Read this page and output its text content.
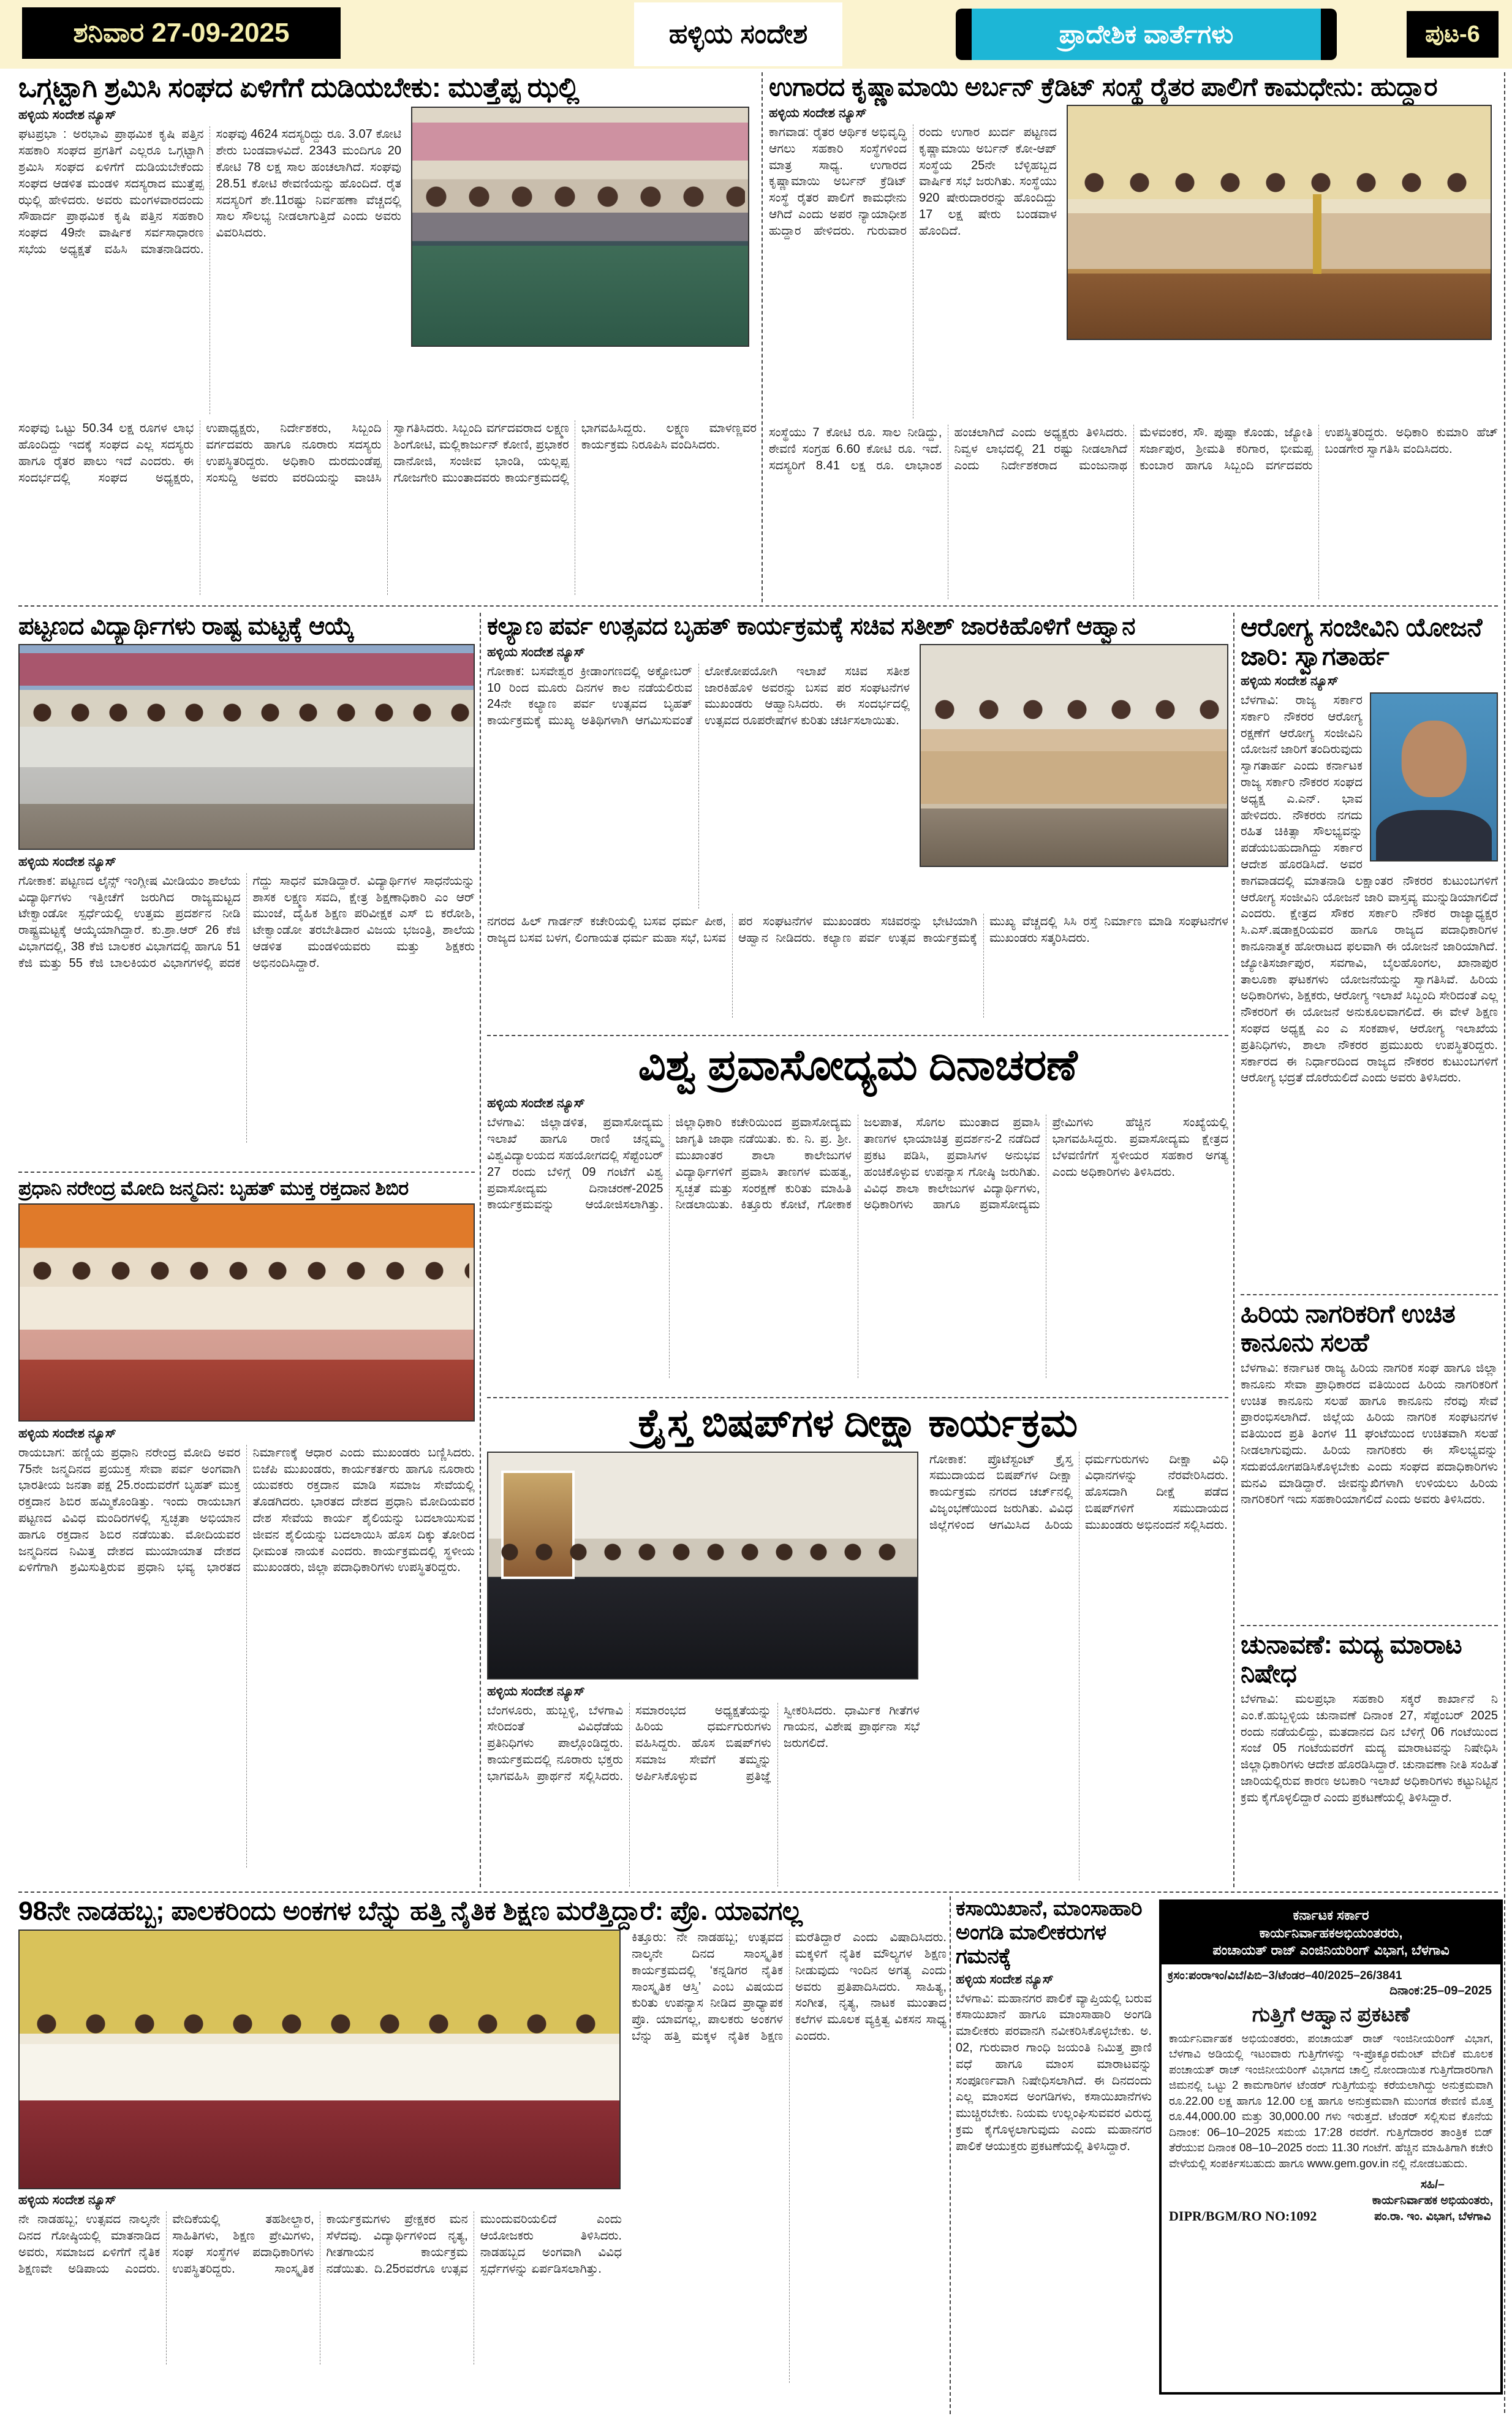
ಶನಿವಾರ 27-09-2025	ಹಳ್ಳಿಯ ಸಂದೇಶ	ಪ್ರಾದೇಶಿಕ ವಾರ್ತೆಗಳು	ಪುಟ-6
ಒಗ್ಗಟ್ಟಾಗಿ ಶ್ರಮಿಸಿ ಸಂಘದ ಏಳಿಗೆಗೆ ದುಡಿಯಬೇಕು: ಮುತ್ತೆಪ್ಪ ಝಲ್ಲಿ
ಹಳ್ಳಿಯ ಸಂದೇಶ ನ್ಯೂಸ್
ಘಟಪ್ರಭಾ : ಅರಭಾವಿ ಪ್ರಾಥಮಿಕ ಕೃಷಿ ಪತ್ತಿನ ಸಹಕಾರಿ ಸಂಘದ ಪ್ರಗತಿಗೆ ಎಲ್ಲರೂ ಒಗ್ಗಟ್ಟಾಗಿ ಶ್ರಮಿಸಿ ಸಂಘದ ಏಳಿಗೆಗೆ ದುಡಿಯಬೇಕೆಂದು ಸಂಘದ ಆಡಳಿತ ಮಂಡಳಿ ಸದಸ್ಯರಾದ ಮುತ್ತೆಪ್ಪ ಝಲ್ಲಿ ಹೇಳಿದರು. ಅವರು ಮಂಗಳವಾರದಂದು ಸೌಹಾರ್ದ ಪ್ರಾಥಮಿಕ ಕೃಷಿ ಪತ್ತಿನ ಸಹಕಾರಿ ಸಂಘದ 49ನೇ ವಾರ್ಷಿಕ ಸರ್ವಸಾಧಾರಣ ಸಭೆಯ ಅಧ್ಯಕ್ಷತೆ ವಹಿಸಿ ಮಾತನಾಡಿದರು. ಸಂಘವು 4624 ಸದಸ್ಯರಿದ್ದು ರೂ. 3.07 ಕೋಟಿ ಶೇರು ಬಂಡವಾಳವಿದೆ. 2343 ಮಂದಿಗೂ 20 ಕೋಟಿ 78 ಲಕ್ಷ ಸಾಲ ಹಂಚಲಾಗಿದೆ. ಸಂಘವು 28.51 ಕೋಟಿ ಠೇವಣಿಯನ್ನು ಹೊಂದಿದೆ. ರೈತ ಸದಸ್ಯರಿಗೆ ಶೇ.11ರಷ್ಟು ನಿರ್ವಹಣಾ ವೆಚ್ಚದಲ್ಲಿ ಸಾಲ ಸೌಲಭ್ಯ ನೀಡಲಾಗುತ್ತಿದೆ ಎಂದು ಅವರು ವಿವರಿಸಿದರು.
ಸಂಘವು ಒಟ್ಟು 50.34 ಲಕ್ಷ ರೂಗಳ ಲಾಭ ಹೊಂದಿದ್ದು ಇದಕ್ಕೆ ಸಂಘದ ಎಲ್ಲ ಸದಸ್ಯರು ಹಾಗೂ ರೈತರ ಪಾಲು ಇದೆ ಎಂದರು. ಈ ಸಂದರ್ಭದಲ್ಲಿ ಸಂಘದ ಅಧ್ಯಕ್ಷರು, ಉಪಾಧ್ಯಕ್ಷರು, ನಿರ್ದೇಶಕರು, ಸಿಬ್ಬಂದಿ ವರ್ಗದವರು ಹಾಗೂ ನೂರಾರು ಸದಸ್ಯರು ಉಪಸ್ಥಿತರಿದ್ದರು. ಅಧಿಕಾರಿ ದುರದುಂಡೆಪ್ಪ ಸಂಸುದ್ದಿ ಅವರು ವರದಿಯನ್ನು ವಾಚಿಸಿ ಸ್ವಾಗತಿಸಿದರು. ಸಿಬ್ಬಂದಿ ವರ್ಗದವರಾದ ಲಕ್ಷ್ಮಣ ಶಿಂಗೋಟಿ, ಮಲ್ಲಿಕಾರ್ಜುನ್ ಕೋಣಿ, ಪ್ರಭಾಕರ ದಾನೋಜಿ, ಸಂಜೀವ ಭಾಂಡಿ, ಯಲ್ಲಪ್ಪ ಗೋಜಗೇರಿ ಮುಂತಾದವರು ಕಾರ್ಯಕ್ರಮದಲ್ಲಿ ಭಾಗವಹಿಸಿದ್ದರು. ಲಕ್ಷ್ಮಣ ಮಾಳಣ್ಣವರ ಕಾರ್ಯಕ್ರಮ ನಿರೂಪಿಸಿ ವಂದಿಸಿದರು.
ಉಗಾರದ ಕೃಷ್ಣಾಮಾಯಿ ಅರ್ಬನ್ ಕ್ರೆಡಿಟ್ ಸಂಸ್ಥೆ ರೈತರ ಪಾಲಿಗೆ ಕಾಮಧೇನು: ಹುದ್ದಾರ
ಹಳ್ಳಿಯ ಸಂದೇಶ ನ್ಯೂಸ್
ಕಾಗವಾಡ: ರೈತರ ಆರ್ಥಿಕ ಅಭಿವೃದ್ಧಿ ಆಗಲು ಸಹಕಾರಿ ಸಂಸ್ಥೆಗಳಿಂದ ಮಾತ್ರ ಸಾಧ್ಯ. ಉಗಾರದ ಕೃಷ್ಣಾಮಾಯಿ ಅರ್ಬನ್ ಕ್ರೆಡಿಟ್ ಸಂಸ್ಥೆ ರೈತರ ಪಾಲಿಗೆ ಕಾಮಧೇನು ಆಗಿದೆ ಎಂದು ಅಪರ ನ್ಯಾಯಾಧೀಶ ಹುದ್ದಾರ ಹೇಳಿದರು. ಗುರುವಾರ ರಂದು ಉಗಾರ ಖುರ್ದ ಪಟ್ಟಣದ ಕೃಷ್ಣಾಮಾಯಿ ಅರ್ಬನ್ ಕೋ-ಆಪ್ ಸಂಸ್ಥೆಯ 25ನೇ ಬೆಳ್ಳಿಹಬ್ಬದ ವಾರ್ಷಿಕ ಸಭೆ ಜರುಗಿತು. ಸಂಸ್ಥೆಯು 920 ಷೇರುದಾರರನ್ನು ಹೊಂದಿದ್ದು 17 ಲಕ್ಷ ಷೇರು ಬಂಡವಾಳ ಹೊಂದಿದೆ.
ಸಂಸ್ಥೆಯು 7 ಕೋಟಿ ರೂ. ಸಾಲ ನೀಡಿದ್ದು, ಠೇವಣಿ ಸಂಗ್ರಹ 6.60 ಕೋಟಿ ರೂ. ಇದೆ. ಸದಸ್ಯರಿಗೆ 8.41 ಲಕ್ಷ ರೂ. ಲಾಭಾಂಶ ಹಂಚಲಾಗಿದೆ ಎಂದು ಅಧ್ಯಕ್ಷರು ತಿಳಿಸಿದರು. ನಿವ್ವಳ ಲಾಭದಲ್ಲಿ 21 ರಷ್ಟು ನೀಡಲಾಗಿದೆ ಎಂದು ನಿರ್ದೇಶಕರಾದ ಮಂಜುನಾಥ ಮೆಳವಂಕರ, ಸೌ. ಪುಷ್ಪಾ ಕೊಂಡು, ಜ್ಯೋತಿ ಸರ್ಜಾಪುರ, ಶ್ರೀಮತಿ ಕರಿಗಾರ, ಭೀಮಪ್ಪ ಕುಂಬಾರ ಹಾಗೂ ಸಿಬ್ಬಂದಿ ವರ್ಗದವರು ಉಪಸ್ಥಿತರಿದ್ದರು. ಅಧಿಕಾರಿ ಕುಮಾರಿ ಹೆಚ್ ಬಂಡಗೇರ ಸ್ವಾಗತಿಸಿ ವಂದಿಸಿದರು.
ಪಟ್ಟಣದ ವಿದ್ಯಾರ್ಥಿಗಳು ರಾಷ್ಟ ಮಟ್ಟಕ್ಕೆ ಆಯ್ಕೆ
ಹಳ್ಳಿಯ ಸಂದೇಶ ನ್ಯೂಸ್
ಗೋಕಾಕ: ಪಟ್ಟಣದ ಲೈನ್ಸ್ ಇಂಗ್ಲೀಷ ಮೀಡಿಯಂ ಶಾಲೆಯ ವಿದ್ಯಾರ್ಥಿಗಳು ಇತ್ತೀಚೆಗೆ ಜರುಗಿದ ರಾಜ್ಯಮಟ್ಟದ ಟೇಕ್ವಾಂಡೋ ಸ್ಪರ್ಧೆಯಲ್ಲಿ ಉತ್ತಮ ಪ್ರದರ್ಶನ ನೀಡಿ ರಾಷ್ಟ್ರಮಟ್ಟಕ್ಕೆ ಆಯ್ಕೆಯಾಗಿದ್ದಾರೆ. ಕು.ಶ್ರಾ.ಆರ್ 26 ಕೆಜಿ ವಿಭಾಗದಲ್ಲಿ, 38 ಕೆಜಿ ಬಾಲಕರ ವಿಭಾಗದಲ್ಲಿ ಹಾಗೂ 51 ಕೆಜಿ ಮತ್ತು 55 ಕೆಜಿ ಬಾಲಕಿಯರ ವಿಭಾಗಗಳಲ್ಲಿ ಪದಕ ಗೆದ್ದು ಸಾಧನೆ ಮಾಡಿದ್ದಾರೆ. ವಿದ್ಯಾರ್ಥಿಗಳ ಸಾಧನೆಯನ್ನು ಶಾಸಕ ಲಕ್ಷ್ಮಣ ಸವದಿ, ಕ್ಷೇತ್ರ ಶಿಕ್ಷಣಾಧಿಕಾರಿ ಎಂ ಆರ್ ಮುಂಜೆ, ದೈಹಿಕ ಶಿಕ್ಷಣ ಪರಿವೀಕ್ಷಕ ಎಸ್ ಬಿ ಕರೋಶಿ, ಟೇಕ್ವಾಂಡೋ ತರಬೇತಿದಾರ ವಿಜಯ ಭಜಂತ್ರಿ, ಶಾಲೆಯ ಆಡಳಿತ ಮಂಡಳಿಯವರು ಮತ್ತು ಶಿಕ್ಷಕರು ಅಭಿನಂದಿಸಿದ್ದಾರೆ.
ಕಲ್ಯಾಣ ಪರ್ವ ಉತ್ಸವದ ಬೃಹತ್ ಕಾರ್ಯಕ್ರಮಕ್ಕೆ ಸಚಿವ ಸತೀಶ್ ಜಾರಕಿಹೊಳಿಗೆ ಆಹ್ವಾನ
ಹಳ್ಳಿಯ ಸಂದೇಶ ನ್ಯೂಸ್
ಗೋಕಾಕ: ಬಸವೇಶ್ವರ ಕ್ರೀಡಾಂಗಣದಲ್ಲಿ ಅಕ್ಟೋಬರ್ 10 ರಿಂದ ಮೂರು ದಿನಗಳ ಕಾಲ ನಡೆಯಲಿರುವ 24ನೇ ಕಲ್ಯಾಣ ಪರ್ವ ಉತ್ಸವದ ಬೃಹತ್ ಕಾರ್ಯಕ್ರಮಕ್ಕೆ ಮುಖ್ಯ ಅತಿಥಿಗಳಾಗಿ ಆಗಮಿಸುವಂತೆ ಲೋಕೋಪಯೋಗಿ ಇಲಾಖೆ ಸಚಿವ ಸತೀಶ ಜಾರಕಿಹೊಳಿ ಅವರನ್ನು ಬಸವ ಪರ ಸಂಘಟನೆಗಳ ಮುಖಂಡರು ಆಹ್ವಾನಿಸಿದರು. ಈ ಸಂದರ್ಭದಲ್ಲಿ ಉತ್ಸವದ ರೂಪರೇಷೆಗಳ ಕುರಿತು ಚರ್ಚಿಸಲಾಯಿತು.
ನಗರದ ಹಿಲ್ ಗಾರ್ಡನ್ ಕಚೇರಿಯಲ್ಲಿ ಬಸವ ಧರ್ಮ ಪೀಠ, ರಾಜ್ಯದ ಬಸವ ಬಳಗ, ಲಿಂಗಾಯತ ಧರ್ಮ ಮಹಾ ಸಭೆ, ಬಸವ ಪರ ಸಂಘಟನೆಗಳ ಮುಖಂಡರು ಸಚಿವರನ್ನು ಭೇಟಿಯಾಗಿ ಆಹ್ವಾನ ನೀಡಿದರು. ಕಲ್ಯಾಣ ಪರ್ವ ಉತ್ಸವ ಕಾರ್ಯಕ್ರಮಕ್ಕೆ ಮುಖ್ಯ ವೆಚ್ಚದಲ್ಲಿ ಸಿಸಿ ರಸ್ತೆ ನಿರ್ಮಾಣ ಮಾಡಿ ಸಂಘಟನೆಗಳ ಮುಖಂಡರು ಸತ್ಕರಿಸಿದರು.
ವಿಶ್ವ ಪ್ರವಾಸೋದ್ಯಮ ದಿನಾಚರಣೆ
ಹಳ್ಳಿಯ ಸಂದೇಶ ನ್ಯೂಸ್
ಬೆಳಗಾವಿ: ಜಿಲ್ಲಾಡಳಿತ, ಪ್ರವಾಸೋದ್ಯಮ ಇಲಾಖೆ ಹಾಗೂ ರಾಣಿ ಚನ್ನಮ್ಮ ವಿಶ್ವವಿದ್ಯಾಲಯದ ಸಹಯೋಗದಲ್ಲಿ ಸೆಪ್ಟೆಂಬರ್ 27 ರಂದು ಬೆಳಿಗ್ಗೆ 09 ಗಂಟೆಗೆ ವಿಶ್ವ ಪ್ರವಾಸೋದ್ಯಮ ದಿನಾಚರಣೆ-2025 ಕಾರ್ಯಕ್ರಮವನ್ನು ಆಯೋಜಿಸಲಾಗಿತ್ತು. ಜಿಲ್ಲಾಧಿಕಾರಿ ಕಚೇರಿಯಿಂದ ಪ್ರವಾಸೋದ್ಯಮ ಜಾಗೃತಿ ಜಾಥಾ ನಡೆಯಿತು. ಕು. ನಿ. ಪ್ರ. ಶ್ರೀ. ಮುಖಾಂತರ ಶಾಲಾ ಕಾಲೇಜುಗಳ ವಿದ್ಯಾರ್ಥಿಗಳಿಗೆ ಪ್ರವಾಸಿ ತಾಣಗಳ ಮಹತ್ವ, ಸ್ವಚ್ಛತೆ ಮತ್ತು ಸಂರಕ್ಷಣೆ ಕುರಿತು ಮಾಹಿತಿ ನೀಡಲಾಯಿತು. ಕಿತ್ತೂರು ಕೋಟೆ, ಗೋಕಾಕ ಜಲಪಾತ, ಸೊಗಲ ಮುಂತಾದ ಪ್ರವಾಸಿ ತಾಣಗಳ ಛಾಯಾಚಿತ್ರ ಪ್ರದರ್ಶನ-2 ನಡೆದಿದೆ ಪ್ರಕಟ ಪಡಿಸಿ, ಪ್ರವಾಸಿಗಳ ಅನುಭವ ಹಂಚಿಕೊಳ್ಳುವ ಉಪನ್ಯಾಸ ಗೋಷ್ಠಿ ಜರುಗಿತು. ವಿವಿಧ ಶಾಲಾ ಕಾಲೇಜುಗಳ ವಿದ್ಯಾರ್ಥಿಗಳು, ಅಧಿಕಾರಿಗಳು ಹಾಗೂ ಪ್ರವಾಸೋದ್ಯಮ ಪ್ರೇಮಿಗಳು ಹೆಚ್ಚಿನ ಸಂಖ್ಯೆಯಲ್ಲಿ ಭಾಗವಹಿಸಿದ್ದರು. ಪ್ರವಾಸೋದ್ಯಮ ಕ್ಷೇತ್ರದ ಬೆಳವಣಿಗೆಗೆ ಸ್ಥಳೀಯರ ಸಹಕಾರ ಅಗತ್ಯ ಎಂದು ಅಧಿಕಾರಿಗಳು ತಿಳಿಸಿದರು.
ಕ್ರೈಸ್ತ ಬಿಷಪ್‌ಗಳ ದೀಕ್ಷಾ ಕಾರ್ಯಕ್ರಮ
ಹಳ್ಳಿಯ ಸಂದೇಶ ನ್ಯೂಸ್
ಬೆಂಗಳೂರು, ಹುಬ್ಬಳ್ಳಿ, ಬೆಳಗಾವಿ ಸೇರಿದಂತೆ ವಿವಿಧೆಡೆಯ ಪ್ರತಿನಿಧಿಗಳು ಪಾಲ್ಗೊಂಡಿದ್ದರು. ಕಾರ್ಯಕ್ರಮದಲ್ಲಿ ನೂರಾರು ಭಕ್ತರು ಭಾಗವಹಿಸಿ ಪ್ರಾರ್ಥನೆ ಸಲ್ಲಿಸಿದರು. ಸಮಾರಂಭದ ಅಧ್ಯಕ್ಷತೆಯನ್ನು ಹಿರಿಯ ಧರ್ಮಗುರುಗಳು ವಹಿಸಿದ್ದರು. ಹೊಸ ಬಿಷಪ್‌ಗಳು ಸಮಾಜ ಸೇವೆಗೆ ತಮ್ಮನ್ನು ಅರ್ಪಿಸಿಕೊಳ್ಳುವ ಪ್ರತಿಜ್ಞೆ ಸ್ವೀಕರಿಸಿದರು. ಧಾರ್ಮಿಕ ಗೀತೆಗಳ ಗಾಯನ, ವಿಶೇಷ ಪ್ರಾರ್ಥನಾ ಸಭೆ ಜರುಗಲಿದೆ.
ಗೋಕಾಕ: ಪ್ರೊಟೆಸ್ಟಂಟ್ ಕ್ರೈಸ್ತ ಸಮುದಾಯದ ಬಿಷಪ್‌ಗಳ ದೀಕ್ಷಾ ಕಾರ್ಯಕ್ರಮ ನಗರದ ಚರ್ಚ್‌ನಲ್ಲಿ ವಿಜೃಂಭಣೆಯಿಂದ ಜರುಗಿತು. ವಿವಿಧ ಜಿಲ್ಲೆಗಳಿಂದ ಆಗಮಿಸಿದ ಹಿರಿಯ ಧರ್ಮಗುರುಗಳು ದೀಕ್ಷಾ ವಿಧಿ ವಿಧಾನಗಳನ್ನು ನೆರವೇರಿಸಿದರು. ಹೊಸದಾಗಿ ದೀಕ್ಷೆ ಪಡೆದ ಬಿಷಪ್‌ಗಳಿಗೆ ಸಮುದಾಯದ ಮುಖಂಡರು ಅಭಿನಂದನೆ ಸಲ್ಲಿಸಿದರು.
ಆರೋಗ್ಯ ಸಂಜೀವಿನಿ ಯೋಜನೆ ಜಾರಿ: ಸ್ವಾಗತಾರ್ಹ
ಹಳ್ಳಿಯ ಸಂದೇಶ ನ್ಯೂಸ್
ಬೆಳಗಾವಿ: ರಾಜ್ಯ ಸರ್ಕಾರ ಸರ್ಕಾರಿ ನೌಕರರ ಆರೋಗ್ಯ ರಕ್ಷಣೆಗೆ ಆರೋಗ್ಯ ಸಂಜೀವಿನಿ ಯೋಜನೆ ಜಾರಿಗೆ ತಂದಿರುವುದು ಸ್ವಾಗತಾರ್ಹ ಎಂದು ಕರ್ನಾಟಕ ರಾಜ್ಯ ಸರ್ಕಾರಿ ನೌಕರರ ಸಂಘದ ಅಧ್ಯಕ್ಷ ಎ.ಎನ್. ಭಾವ ಹೇಳಿದರು. ನೌಕರರು ನಗದು ರಹಿತ ಚಿಕಿತ್ಸಾ ಸೌಲಭ್ಯವನ್ನು ಪಡೆಯಬಹುದಾಗಿದ್ದು ಸರ್ಕಾರ ಆದೇಶ ಹೊರಡಿಸಿದೆ. ಅವರ ಕಾಗವಾಡದಲ್ಲಿ ಮಾತನಾಡಿ ಲಕ್ಷಾಂತರ ನೌಕರರ ಕುಟುಂಬಗಳಿಗೆ ಆರೋಗ್ಯ ಸಂಜೀವಿನಿ ಯೋಜನೆ ಜಾರಿ ವಾಸ್ತವ್ಯ ಮುನ್ನುಡಿಯಾಗಲಿದೆ ಎಂದರು. ಕ್ಷೇತ್ರದ ಸೌಕರ ಸರ್ಕಾರಿ ನೌಕರ ರಾಜ್ಯಾಧ್ಯಕ್ಷರ ಸಿ.ಎಸ್.ಷಡಾಕ್ಷರಿಯವರ ಹಾಗೂ ರಾಜ್ಯದ ಪದಾಧಿಕಾರಿಗಳ ಕಾನೂನಾತ್ಮಕ ಹೋರಾಟದ ಫಲವಾಗಿ ಈ ಯೋಜನೆ ಜಾರಿಯಾಗಿದೆ. ಜ್ಯೋತಿಸರ್ಜಾಪುರ, ಸವಗಾವಿ, ಬೈಲಹೊಂಗಲ, ಖಾನಾಪುರ ತಾಲೂಕಾ ಘಟಕಗಳು ಯೋಜನೆಯನ್ನು ಸ್ವಾಗತಿಸಿವೆ. ಹಿರಿಯ ಅಧಿಕಾರಿಗಳು, ಶಿಕ್ಷಕರು, ಆರೋಗ್ಯ ಇಲಾಖೆ ಸಿಬ್ಬಂದಿ ಸೇರಿದಂತೆ ಎಲ್ಲ ನೌಕರರಿಗೆ ಈ ಯೋಜನೆ ಅನುಕೂಲವಾಗಲಿದೆ. ಈ ವೇಳೆ ಶಿಕ್ಷಣ ಸಂಘದ ಅಧ್ಯಕ್ಷ ಎಂ ಎ ಸಂಕಪಾಳ, ಆರೋಗ್ಯ ಇಲಾಖೆಯ ಪ್ರತಿನಿಧಿಗಳು, ಶಾಲಾ ನೌಕರರ ಪ್ರಮುಖರು ಉಪಸ್ಥಿತರಿದ್ದರು. ಸರ್ಕಾರದ ಈ ನಿರ್ಧಾರದಿಂದ ರಾಜ್ಯದ ನೌಕರರ ಕುಟುಂಬಗಳಿಗೆ ಆರೋಗ್ಯ ಭದ್ರತೆ ದೊರೆಯಲಿದೆ ಎಂದು ಅವರು ತಿಳಿಸಿದರು.
ಹಿರಿಯ ನಾಗರಿಕರಿಗೆ ಉಚಿತ ಕಾನೂನು ಸಲಹೆ
ಬೆಳಗಾವಿ: ಕರ್ನಾಟಕ ರಾಜ್ಯ ಹಿರಿಯ ನಾಗರಿಕ ಸಂಘ ಹಾಗೂ ಜಿಲ್ಲಾ ಕಾನೂನು ಸೇವಾ ಪ್ರಾಧಿಕಾರದ ವತಿಯಿಂದ ಹಿರಿಯ ನಾಗರಿಕರಿಗೆ ಉಚಿತ ಕಾನೂನು ಸಲಹೆ ಹಾಗೂ ಕಾನೂನು ನೆರವು ಸೇವೆ ಪ್ರಾರಂಭಿಸಲಾಗಿದೆ. ಜಿಲ್ಲೆಯ ಹಿರಿಯ ನಾಗರಿಕ ಸಂಘಟನಗಳ ವತಿಯಿಂದ ಪ್ರತಿ ತಿಂಗಳ 11 ಘಂಟೆಯಿಂದ ಉಚಿತವಾಗಿ ಸಲಹೆ ನೀಡಲಾಗುವುದು. ಹಿರಿಯ ನಾಗರಿಕರು ಈ ಸೌಲಭ್ಯವನ್ನು ಸದುಪಯೋಗಪಡಿಸಿಕೊಳ್ಳಬೇಕು ಎಂದು ಸಂಘದ ಪದಾಧಿಕಾರಿಗಳು ಮನವಿ ಮಾಡಿದ್ದಾರೆ. ಜೀವನ್ಮುಖಿಗಳಾಗಿ ಉಳಿಯಲು ಹಿರಿಯ ನಾಗರಿಕರಿಗೆ ಇದು ಸಹಕಾರಿಯಾಗಲಿದೆ ಎಂದು ಅವರು ತಿಳಿಸಿದರು.
ಚುನಾವಣೆ: ಮದ್ಯ ಮಾರಾಟ ನಿಷೇಧ
ಬೆಳಗಾವಿ: ಮಲಪ್ರಭಾ ಸಹಕಾರಿ ಸಕ್ಕರೆ ಕಾರ್ಖಾನೆ ನಿ ಎಂ.ಕೆ.ಹುಬ್ಬಳ್ಳಿಯ ಚುನಾವಣೆ ದಿನಾಂಕ 27, ಸೆಪ್ಟೆಂಬರ್ 2025 ರಂದು ನಡೆಯಲಿದ್ದು, ಮತದಾನದ ದಿನ ಬೆಳಿಗ್ಗೆ 06 ಗಂಟೆಯಿಂದ ಸಂಜೆ 05 ಗಂಟೆಯವರೆಗೆ ಮದ್ಯ ಮಾರಾಟವನ್ನು ನಿಷೇಧಿಸಿ ಜಿಲ್ಲಾಧಿಕಾರಿಗಳು ಆದೇಶ ಹೊರಡಿಸಿದ್ದಾರೆ. ಚುನಾವಣಾ ನೀತಿ ಸಂಹಿತೆ ಜಾರಿಯಲ್ಲಿರುವ ಕಾರಣ ಅಬಕಾರಿ ಇಲಾಖೆ ಅಧಿಕಾರಿಗಳು ಕಟ್ಟುನಿಟ್ಟಿನ ಕ್ರಮ ಕೈಗೊಳ್ಳಲಿದ್ದಾರೆ ಎಂದು ಪ್ರಕಟಣೆಯಲ್ಲಿ ತಿಳಿಸಿದ್ದಾರೆ.
98ನೇ ನಾಡಹಬ್ಬ; ಪಾಲಕರಿಂದು ಅಂಕಗಳ ಬೆನ್ನು ಹತ್ತಿ ನೈತಿಕ ಶಿಕ್ಷಣ ಮರೆತ್ತಿದ್ದಾರೆ: ಪ್ರೊ. ಯಾವಗಲ್ಲ
ಹಳ್ಳಿಯ ಸಂದೇಶ ನ್ಯೂಸ್
ನೇ ನಾಡಹಬ್ಬ; ಉತ್ಸವದ ನಾಲ್ಕನೇ ದಿನದ ಗೋಷ್ಠಿಯಲ್ಲಿ ಮಾತನಾಡಿದ ಅವರು, ಸಮಾಜದ ಏಳಿಗೆಗೆ ನೈತಿಕ ಶಿಕ್ಷಣವೇ ಅಡಿಪಾಯ ಎಂದರು. ವೇದಿಕೆಯಲ್ಲಿ ತಹಶೀಲ್ದಾರ, ಸಾಹಿತಿಗಳು, ಶಿಕ್ಷಣ ಪ್ರೇಮಿಗಳು, ಸಂಘ ಸಂಸ್ಥೆಗಳ ಪದಾಧಿಕಾರಿಗಳು ಉಪಸ್ಥಿತರಿದ್ದರು. ಸಾಂಸ್ಕೃತಿಕ ಕಾರ್ಯಕ್ರಮಗಳು ಪ್ರೇಕ್ಷಕರ ಮನ ಸೆಳೆದವು. ವಿದ್ಯಾರ್ಥಿಗಳಿಂದ ನೃತ್ಯ, ಗೀತಗಾಯನ ಕಾರ್ಯಕ್ರಮ ನಡೆಯಿತು. ದಿ.25ರವರೆಗೂ ಉತ್ಸವ ಮುಂದುವರಿಯಲಿದೆ ಎಂದು ಆಯೋಜಕರು ತಿಳಿಸಿದರು. ನಾಡಹಬ್ಬದ ಅಂಗವಾಗಿ ವಿವಿಧ ಸ್ಪರ್ಧೆಗಳನ್ನು ಏರ್ಪಡಿಸಲಾಗಿತ್ತು.
ಕಿತ್ತೂರು: ನೇ ನಾಡಹಬ್ಬ; ಉತ್ಸವದ ನಾಲ್ಕನೇ ದಿನದ ಸಾಂಸ್ಕೃತಿಕ ಕಾರ್ಯಕ್ರಮದಲ್ಲಿ ‘ಕನ್ನಡಿಗರ ನೈತಿಕ ಸಾಂಸ್ಕೃತಿಕ ಆಸ್ತಿ’ ಎಂಬ ವಿಷಯದ ಕುರಿತು ಉಪನ್ಯಾಸ ನೀಡಿದ ಪ್ರಾಧ್ಯಾಪಕ ಪ್ರೊ. ಯಾವಗಲ್ಲ, ಪಾಲಕರು ಅಂಕಗಳ ಬೆನ್ನು ಹತ್ತಿ ಮಕ್ಕಳ ನೈತಿಕ ಶಿಕ್ಷಣ ಮರೆತಿದ್ದಾರೆ ಎಂದು ವಿಷಾದಿಸಿದರು. ಮಕ್ಕಳಿಗೆ ನೈತಿಕ ಮೌಲ್ಯಗಳ ಶಿಕ್ಷಣ ನೀಡುವುದು ಇಂದಿನ ಅಗತ್ಯ ಎಂದು ಅವರು ಪ್ರತಿಪಾದಿಸಿದರು. ಸಾಹಿತ್ಯ, ಸಂಗೀತ, ನೃತ್ಯ, ನಾಟಕ ಮುಂತಾದ ಕಲೆಗಳ ಮೂಲಕ ವ್ಯಕ್ತಿತ್ವ ವಿಕಸನ ಸಾಧ್ಯ ಎಂದರು.
ಕಸಾಯಿಖಾನೆ, ಮಾಂಸಾಹಾರಿ ಅಂಗಡಿ ಮಾಲೀಕರುಗಳ ಗಮನಕ್ಕೆ
ಹಳ್ಳಿಯ ಸಂದೇಶ ನ್ಯೂಸ್
ಬೆಳಗಾವಿ: ಮಹಾನಗರ ಪಾಲಿಕೆ ವ್ಯಾಪ್ತಿಯಲ್ಲಿ ಬರುವ ಕಸಾಯಿಖಾನೆ ಹಾಗೂ ಮಾಂಸಾಹಾರಿ ಅಂಗಡಿ ಮಾಲೀಕರು ಪರವಾನಗಿ ನವೀಕರಿಸಿಕೊಳ್ಳಬೇಕು. ಅ. 02, ಗುರುವಾರ ಗಾಂಧಿ ಜಯಂತಿ ನಿಮಿತ್ತ ಪ್ರಾಣಿ ವಧೆ ಹಾಗೂ ಮಾಂಸ ಮಾರಾಟವನ್ನು ಸಂಪೂರ್ಣವಾಗಿ ನಿಷೇಧಿಸಲಾಗಿದೆ. ಈ ದಿನದಂದು ಎಲ್ಲ ಮಾಂಸದ ಅಂಗಡಿಗಳು, ಕಸಾಯಿಖಾನೆಗಳು ಮುಚ್ಚಿರಬೇಕು. ನಿಯಮ ಉಲ್ಲಂಘಿಸುವವರ ವಿರುದ್ಧ ಕ್ರಮ ಕೈಗೊಳ್ಳಲಾಗುವುದು ಎಂದು ಮಹಾನಗರ ಪಾಲಿಕೆ ಆಯುಕ್ತರು ಪ್ರಕಟಣೆಯಲ್ಲಿ ತಿಳಿಸಿದ್ದಾರೆ.
ಕರ್ನಾಟಕ ಸರ್ಕಾರ
ಕಾರ್ಯನಿರ್ವಾಹಕಅಭಿಯಂತರರು,
ಪಂಚಾಯತ್ ರಾಜ್ ಎಂಜಿನಿಯರಿಂಗ್ ವಿಭಾಗ, ಬೆಳಗಾವಿ
ಕ್ರಸಂ:ಪಂರಾಇಂ/ವಿಬೆ/ಪಿಬಿ–3/ಟೆಂಡರ–40/2025–26/3841
ದಿನಾಂಕ:25–09–2025
ಗುತ್ತಿಗೆ ಆಹ್ವಾನ ಪ್ರಕಟಣೆ
ಕಾರ್ಯನಿರ್ವಾಹಕ ಅಭಿಯಂತರರು, ಪಂಚಾಯತ್ ರಾಜ್ ಇಂಜಿನೀಯರಿಂಗ್ ವಿಭಾಗ, ಬೆಳಗಾವಿ ಅಡಿಯಲ್ಲಿ ಇಟಂವಾರು ಗುತ್ತಿಗೆಗಳನ್ನು ಇ-ಪ್ರೊಕ್ಯೂರಮೆಂಟ್ ವೇದಿಕೆ ಮೂಲಕ ಪಂಚಾಯತ್ ರಾಜ್ ಇಂಜಿನೀಯರಿಂಗ್ ವಿಭಾಗದ ಚಾಲ್ತಿ ನೋಂದಾಯಿತ ಗುತ್ತಿಗೆದಾರರಿಗಾಗಿ ಜಿಮನಲ್ಲಿ ಒಟ್ಟು 2 ಕಾಮಗಾರಿಗಳ ಟೆಂಡರ್ ಗುತ್ತಿಗೆಯನ್ನು ಕರೆಯಲಾಗಿದ್ದು ಅನುಕ್ರಮವಾಗಿ ರೂ.22.00 ಲಕ್ಷ ಹಾಗೂ 12.00 ಲಕ್ಷ ಹಾಗೂ ಅನುಕ್ರಮವಾಗಿ ಮುಂಗಡ ಠೇವಣಿ ಮೊತ್ತ ರೂ.44,000.00 ಮತ್ತು 30,000.00 ಗಳು ಇರುತ್ತದೆ. ಟೆಂಡರ್ ಸಲ್ಲಿಸುವ ಕೊನೆಯ ದಿನಾಂಕ: 06–10–2025 ಸಮಯ 17:28 ರವರೆಗೆ. ಗುತ್ತಿಗೆದಾರರ ತಾಂತ್ರಿಕ ಬಿಡ್ ತೆರೆಯುವ ದಿನಾಂಕ 08–10–2025 ರಂದು 11.30 ಗಂಟೆಗೆ. ಹೆಚ್ಚಿನ ಮಾಹಿತಿಗಾಗಿ ಕಚೇರಿ ವೇಳೆಯಲ್ಲಿ ಸಂಪರ್ಕಿಸಬಹುದು ಹಾಗೂ www.gem.gov.in ನಲ್ಲಿ ನೋಡಬಹುದು.
DIPR/BGM/RO NO:1092
ಸಹಿ/–
ಕಾರ್ಯನಿರ್ವಾಹಕ ಅಭಿಯಂತರು,
ಪಂ.ರಾ. ಇಂ. ವಿಭಾಗ, ಬೆಳಗಾವಿ
ಪ್ರಧಾನಿ ನರೇಂದ್ರ ಮೋದಿ ಜನ್ಮದಿನ: ಬೃಹತ್ ಮುಕ್ತ ರಕ್ತದಾನ ಶಿಬಿರ
ಹಳ್ಳಿಯ ಸಂದೇಶ ನ್ಯೂಸ್
ರಾಯಬಾಗ: ಹಣ್ಣಿಯ ಪ್ರಧಾನಿ ನರೇಂದ್ರ ಮೋದಿ ಅವರ 75ನೇ ಜನ್ಮದಿನದ ಪ್ರಯುಕ್ತ ಸೇವಾ ಪರ್ವ ಅಂಗವಾಗಿ ಭಾರತೀಯ ಜನತಾ ಪಕ್ಷ 25.ರಂದುವರೆಗೆ ಬೃಹತ್ ಮುಕ್ತ ರಕ್ತದಾನ ಶಿಬಿರ ಹಮ್ಮಿಕೊಂಡಿತ್ತು. ಇಂದು ರಾಯಬಾಗ ಪಟ್ಟಣದ ವಿವಿಧ ಮಂದಿರಗಳಲ್ಲಿ ಸ್ವಚ್ಛತಾ ಅಭಿಯಾನ ಹಾಗೂ ರಕ್ತದಾನ ಶಿಬಿರ ನಡೆಯಿತು. ಮೋದಿಯವರ ಜನ್ಮದಿನದ ನಿಮಿತ್ತ ದೇಶದ ಮುಯಾಯಾತ ದೇಶದ ಏಳಿಗೆಗಾಗಿ ಶ್ರಮಿಸುತ್ತಿರುವ ಪ್ರಧಾನಿ ಭವ್ಯ ಭಾರತದ ನಿರ್ಮಾಣಕ್ಕೆ ಆಧಾರ ಎಂದು ಮುಖಂಡರು ಬಣ್ಣಿಸಿದರು. ಬಿಜೆಪಿ ಮುಖಂಡರು, ಕಾರ್ಯಕರ್ತರು ಹಾಗೂ ನೂರಾರು ಯುವಕರು ರಕ್ತದಾನ ಮಾಡಿ ಸಮಾಜ ಸೇವೆಯಲ್ಲಿ ತೊಡಗಿದರು. ಭಾರತದ ದೇಶದ ಪ್ರಧಾನಿ ಮೋದಿಯವರ ದೇಶ ಸೇವೆಯ ಕಾರ್ಯ ಶೈಲಿಯನ್ನು ಬದಲಾಯಿಸುವ ಜೀವನ ಶೈಲಿಯನ್ನು ಬದಲಾಯಿಸಿ ಹೊಸ ದಿಕ್ಕು ತೋರಿದ ಧೀಮಂತ ನಾಯಕ ಎಂದರು. ಕಾರ್ಯಕ್ರಮದಲ್ಲಿ ಸ್ಥಳೀಯ ಮುಖಂಡರು, ಜಿಲ್ಲಾ ಪದಾಧಿಕಾರಿಗಳು ಉಪಸ್ಥಿತರಿದ್ದರು.
